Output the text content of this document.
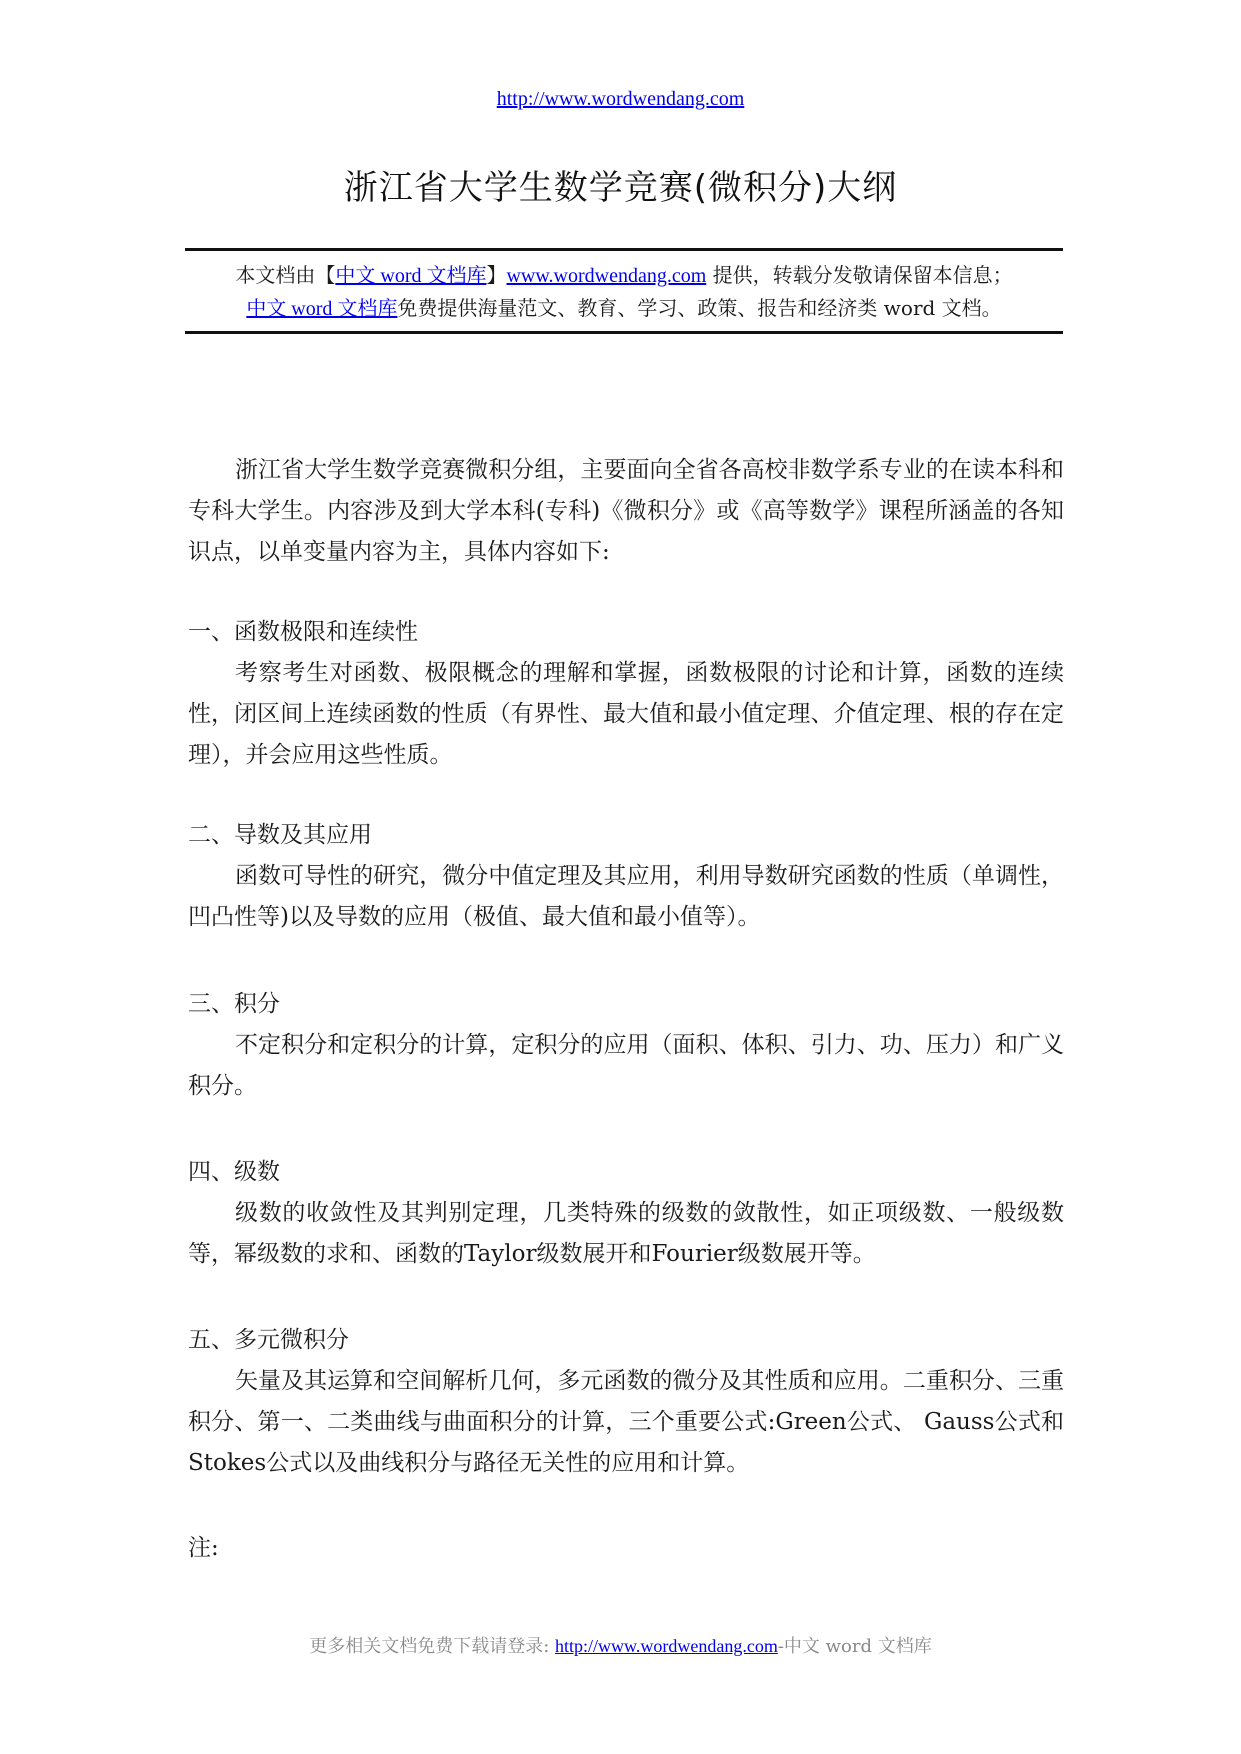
http://www.wordwendang.com
浙江省大学生数学竞赛(微积分)大纲
本文档由【中文 word 文档库】www.wordwendang.com 提供，转载分发敬请保留本信息；
中文 word 文档库免费提供海量范文、教育、学习、政策、报告和经济类 word 文档。

浙江省大学生数学竞赛微积分组，主要面向全省各高校非数学系专业的在读本科和专科大学生。内容涉及到大学本科(专科)《微积分》或《高等数学》课程所涵盖的各知识点，以单变量内容为主，具体内容如下:

一、函数极限和连续性

考察考生对函数、极限概念的理解和掌握，函数极限的讨论和计算，函数的连续性，闭区间上连续函数的性质（有界性、最大值和最小值定理、介值定理、根的存在定理），并会应用这些性质。

二、导数及其应用

函数可导性的研究，微分中值定理及其应用，利用导数研究函数的性质（单调性，凹凸性等)以及导数的应用（极值、最大值和最小值等）。

三、积分

不定积分和定积分的计算，定积分的应用（面积、体积、引力、功、压力）和广义积分。

四、级数

级数的收敛性及其判别定理，几类特殊的级数的敛散性，如正项级数、一般级数等，幂级数的求和、函数的Taylor级数展开和Fourier级数展开等。

五、多元微积分

矢量及其运算和空间解析几何，多元函数的微分及其性质和应用。二重积分、三重积分、第一、二类曲线与曲面积分的计算，三个重要公式:Green公式、 Gauss公式和Stokes公式以及曲线积分与路径无关性的应用和计算。

注:

更多相关文档免费下载请登录: http://www.wordwendang.com-中文 word 文档库
